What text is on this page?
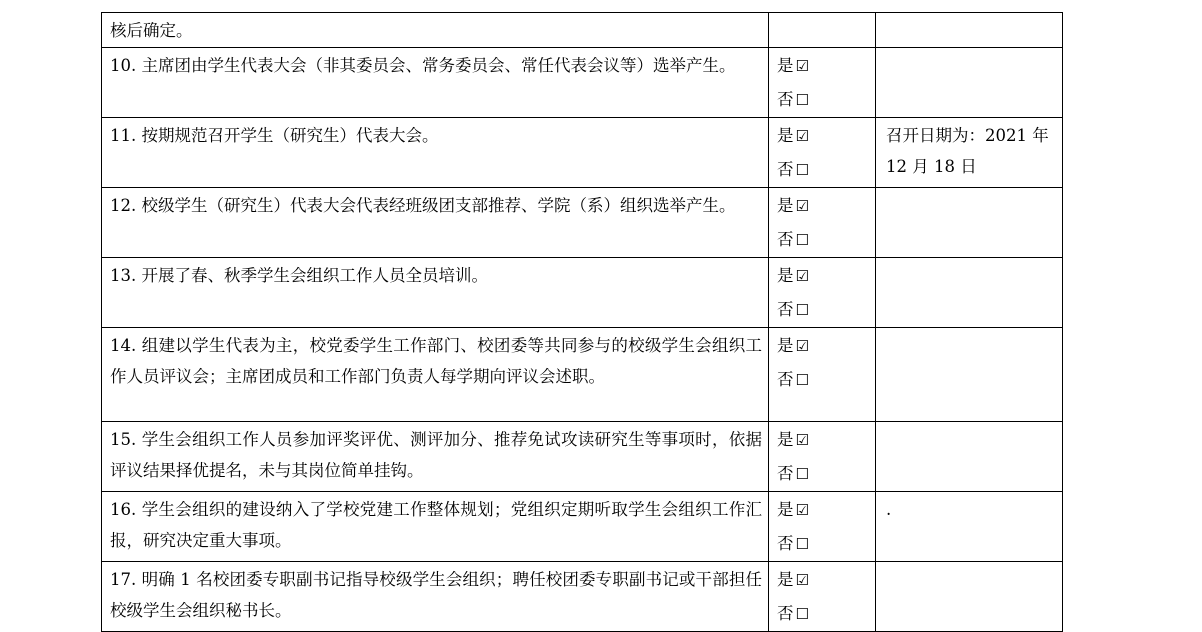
核后确定。		

10. 主席团由学生代表大会（非其委员会、常务委员会、常任代表会议等）选举产生。	是 ☑
否 ☐	

11. 按期规范召开学生（研究生）代表大会。	是 ☑
否 ☐	召开日期为：2021 年 12 月 18 日

12. 校级学生（研究生）代表大会代表经班级团支部推荐、学院（系）组织选举产生。	是 ☑
否 ☐	

13. 开展了春、秋季学生会组织工作人员全员培训。	是 ☑
否 ☐	

14. 组建以学生代表为主，校党委学生工作部门、校团委等共同参与的校级学生会组织工作人员评议会；主席团成员和工作部门负责人每学期向评议会述职。	是 ☑
否 ☐	

15. 学生会组织工作人员参加评奖评优、测评加分、推荐免试攻读研究生等事项时，依据评议结果择优提名，未与其岗位简单挂钩。	是 ☑
否 ☐	

16. 学生会组织的建设纳入了学校党建工作整体规划；党组织定期听取学生会组织工作汇报，研究决定重大事项。	是 ☑
否 ☐	.

17. 明确 1 名校团委专职副书记指导校级学生会组织；聘任校团委专职副书记或干部担任校级学生会组织秘书长。	是 ☑
否 ☐	
